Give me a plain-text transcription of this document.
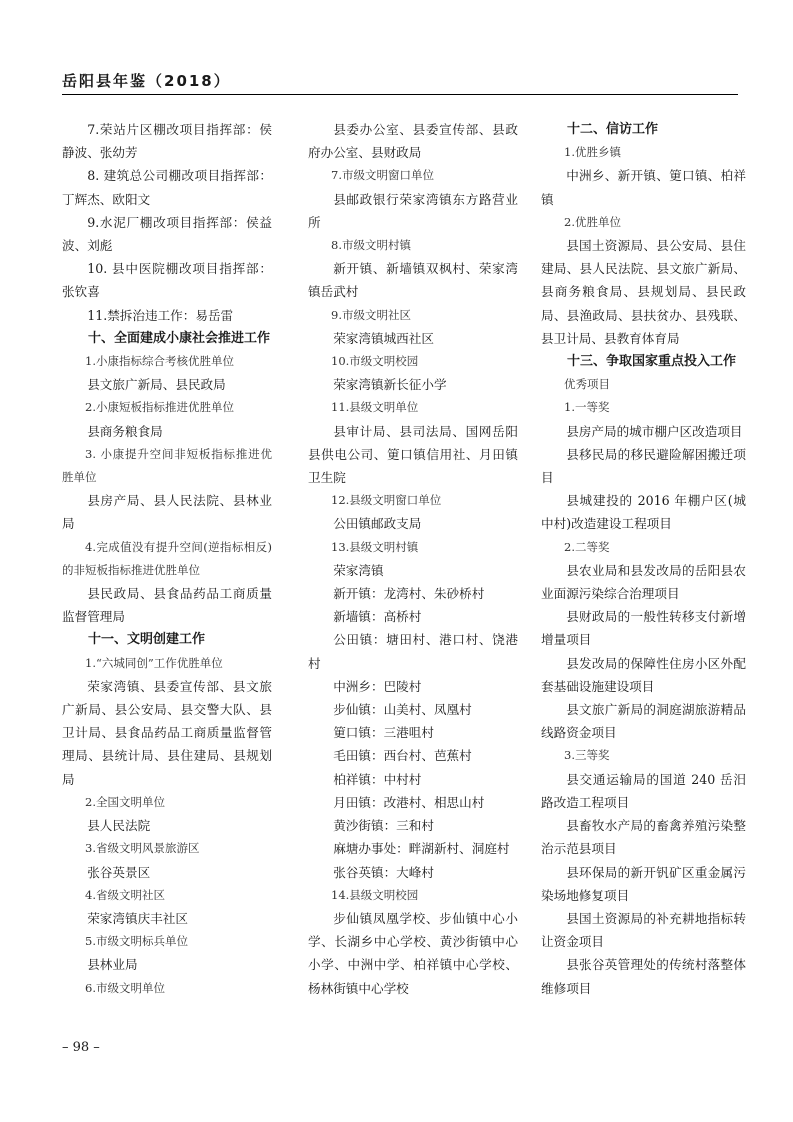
岳阳县年鉴（2018）

7.荣站片区棚改项目指挥部：侯静波、张幼芳

8. 建筑总公司棚改项目指挥部：丁辉杰、欧阳文

9.水泥厂棚改项目指挥部：侯益波、刘彪

10. 县中医院棚改项目指挥部：张钦喜

11.禁拆治违工作：易岳雷

十、全面建成小康社会推进工作

1.小康指标综合考核优胜单位

县文旅广新局、县民政局

2.小康短板指标推进优胜单位

县商务粮食局

3. 小康提升空间非短板指标推进优胜单位

县房产局、县人民法院、县林业局

4.完成值没有提升空间(逆指标相反)的非短板指标推进优胜单位

县民政局、县食品药品工商质量监督管理局

十一、文明创建工作

1.“六城同创”工作优胜单位

荣家湾镇、县委宣传部、县文旅广新局、县公安局、县交警大队、县卫计局、县食品药品工商质量监督管理局、县统计局、县住建局、县规划局

2.全国文明单位

县人民法院

3.省级文明风景旅游区

张谷英景区

4.省级文明社区

荣家湾镇庆丰社区

5.市级文明标兵单位

县林业局

6.市级文明单位

县委办公室、县委宣传部、县政府办公室、县财政局

7.市级文明窗口单位

县邮政银行荣家湾镇东方路营业所

8.市级文明村镇

新开镇、新墙镇双枫村、荣家湾镇岳武村

9.市级文明社区

荣家湾镇城西社区

10.市级文明校园

荣家湾镇新长征小学

11.县级文明单位

县审计局、县司法局、国网岳阳县供电公司、筻口镇信用社、月田镇卫生院

12.县级文明窗口单位

公田镇邮政支局

13.县级文明村镇

荣家湾镇

新开镇：龙湾村、朱砂桥村

新墙镇：高桥村

公田镇：塘田村、港口村、饶港村

中洲乡：巴陵村

步仙镇：山美村、凤凰村

筻口镇：三港咀村

毛田镇：西台村、芭蕉村

柏祥镇：中村村

月田镇：改港村、相思山村

黄沙街镇：三和村

麻塘办事处：畔湖新村、洞庭村

张谷英镇：大峰村

14.县级文明校园

步仙镇凤凰学校、步仙镇中心小学、长湖乡中心学校、黄沙街镇中心小学、中洲中学、柏祥镇中心学校、杨林街镇中心学校

十二、信访工作

1.优胜乡镇

中洲乡、新开镇、筻口镇、柏祥镇

2.优胜单位

县国土资源局、县公安局、县住建局、县人民法院、县文旅广新局、县商务粮食局、县规划局、县民政局、县渔政局、县扶贫办、县残联、县卫计局、县教育体育局

十三、争取国家重点投入工作

优秀项目

1.一等奖

县房产局的城市棚户区改造项目

县移民局的移民避险解困搬迁项目

县城建投的 2016 年棚户区(城中村)改造建设工程项目

2.二等奖

县农业局和县发改局的岳阳县农业面源污染综合治理项目

县财政局的一般性转移支付新增增量项目

县发改局的保障性住房小区外配套基础设施建设项目

县文旅广新局的洞庭湖旅游精品线路资金项目

3.三等奖

县交通运输局的国道 240 岳汨路改造工程项目

县畜牧水产局的畜禽养殖污染整治示范县项目

县环保局的新开钒矿区重金属污染场地修复项目

县国土资源局的补充耕地指标转让资金项目

县张谷英管理处的传统村落整体维修项目

– 98 –
